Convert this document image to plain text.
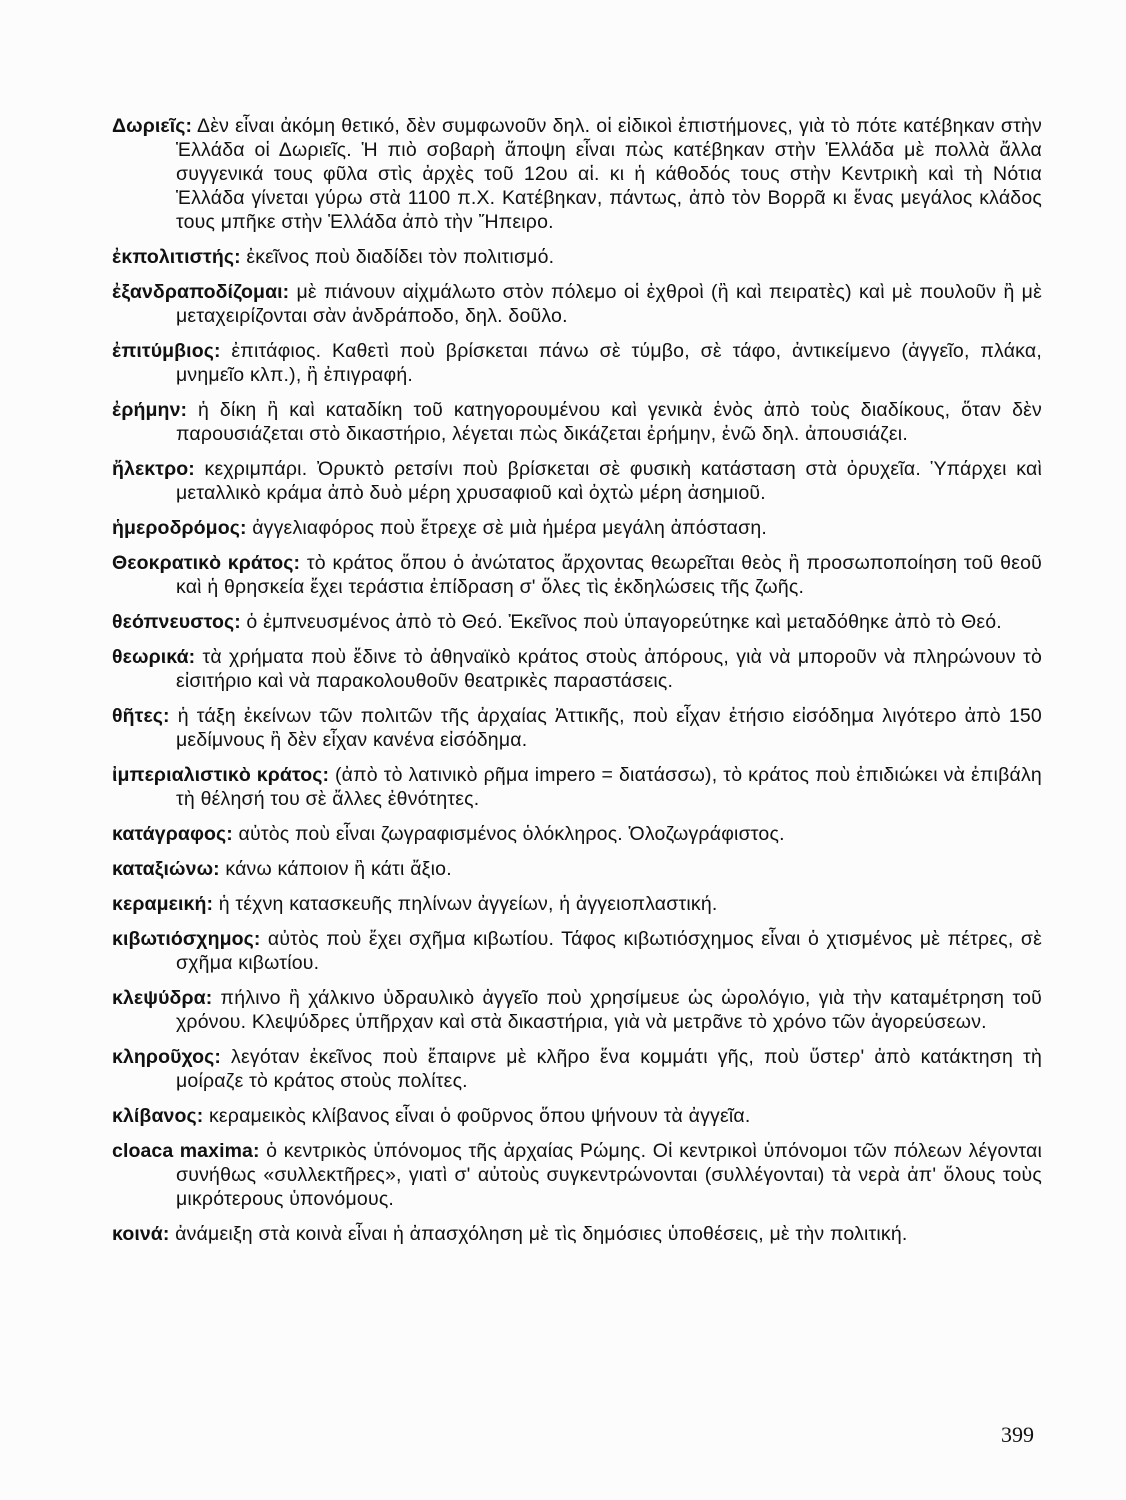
Δωριεῖς: Δὲν εἶναι ἀκόμη θετικό, δὲν συμφωνοῦν δηλ. οἱ εἰδικοὶ ἐπιστήμονες, γιὰ τὸ πότε κατέβηκαν στὴν Ἑλλάδα οἱ Δωριεῖς. Ἡ πιὸ σοβαρὴ ἄποψη εἶναι πὼς κατέβηκαν στὴν Ἑλλάδα μὲ πολλὰ ἄλλα συγγενικά τους φῦλα στὶς ἀρχὲς τοῦ 12ου αἱ. κι ἡ κάθοδός τους στὴν Κεντρικὴ καὶ τὴ Νότια Ἑλλάδα γίνεται γύρω στὰ 1100 π.Χ. Κατέβηκαν, πάντως, ἀπὸ τὸν Βορρᾶ κι ἕνας μεγάλος κλάδος τους μπῆκε στὴν Ἑλλάδα ἀπὸ τὴν Ἤπειρο.

ἐκπολιτιστής: ἐκεῖνος ποὺ διαδίδει τὸν πολιτισμό.

ἐξανδραποδίζομαι: μὲ πιάνουν αἰχμάλωτο στὸν πόλεμο οἱ ἐχθροὶ (ἢ καὶ πειρατὲς) καὶ μὲ πουλοῦν ἢ μὲ μεταχειρίζονται σὰν ἀνδράποδο, δηλ. δοῦλο.

ἐπιτύμβιος: ἐπιτάφιος. Καθετὶ ποὺ βρίσκεται πάνω σὲ τύμβο, σὲ τάφο, ἀντικείμενο (ἀγγεῖο, πλάκα, μνημεῖο κλπ.), ἢ ἐπιγραφή.

ἐρήμην: ἡ δίκη ἢ καὶ καταδίκη τοῦ κατηγορουμένου καὶ γενικὰ ἑνὸς ἀπὸ τοὺς διαδίκους, ὅταν δὲν παρουσιάζεται στὸ δικαστήριο, λέγεται πὼς δικάζεται ἐρήμην, ἐνῶ δηλ. ἀπουσιάζει.

ἤλεκτρο: κεχριμπάρι. Ὀρυκτὸ ρετσίνι ποὺ βρίσκεται σὲ φυσικὴ κατάσταση στὰ ὀρυχεῖα. Ὑπάρχει καὶ μεταλλικὸ κράμα ἀπὸ δυὸ μέρη χρυσαφιοῦ καὶ ὀχτὼ μέρη ἀσημιοῦ.

ἡμεροδρόμος: ἀγγελιαφόρος ποὺ ἔτρεχε σὲ μιὰ ἡμέρα μεγάλη ἀπόσταση.

Θεοκρατικὸ κράτος: τὸ κράτος ὅπου ὁ ἀνώτατος ἄρχοντας θεωρεῖται θεὸς ἢ προσωποποίηση τοῦ θεοῦ καὶ ἡ θρησκεία ἔχει τεράστια ἐπίδραση σ' ὅλες τὶς ἐκδηλώσεις τῆς ζωῆς.

θεόπνευστος: ὁ ἐμπνευσμένος ἀπὸ τὸ Θεό. Ἐκεῖνος ποὺ ὑπαγορεύτηκε καὶ μεταδόθηκε ἀπὸ τὸ Θεό.

θεωρικά: τὰ χρήματα ποὺ ἔδινε τὸ ἀθηναϊκὸ κράτος στοὺς ἀπόρους, γιὰ νὰ μποροῦν νὰ πληρώνουν τὸ εἰσιτήριο καὶ νὰ παρακολουθοῦν θεατρικὲς παραστάσεις.

θῆτες: ἡ τάξη ἐκείνων τῶν πολιτῶν τῆς ἀρχαίας Ἀττικῆς, ποὺ εἶχαν ἐτήσιο εἰσόδημα λιγότερο ἀπὸ 150 μεδίμνους ἢ δὲν εἶχαν κανένα εἰσόδημα.

ἰμπεριαλιστικὸ κράτος: (ἀπὸ τὸ λατινικὸ ρῆμα impero = διατάσσω), τὸ κράτος ποὺ ἐπιδιώκει νὰ ἐπιβάλη τὴ θέλησή του σὲ ἄλλες ἐθνότητες.

κατάγραφος: αὐτὸς ποὺ εἶναι ζωγραφισμένος ὁλόκληρος. Ὁλοζωγράφιστος.

καταξιώνω: κάνω κάποιον ἢ κάτι ἄξιο.

κεραμεική: ἡ τέχνη κατασκευῆς πηλίνων ἀγγείων, ἡ ἀγγειοπλαστική.

κιβωτιόσχημος: αὐτὸς ποὺ ἔχει σχῆμα κιβωτίου. Τάφος κιβωτιόσχημος εἶναι ὁ χτισμένος μὲ πέτρες, σὲ σχῆμα κιβωτίου.

κλεψύδρα: πήλινο ἢ χάλκινο ὑδραυλικὸ ἀγγεῖο ποὺ χρησίμευε ὡς ὡρολόγιο, γιὰ τὴν καταμέτρηση τοῦ χρόνου. Κλεψύδρες ὑπῆρχαν καὶ στὰ δικαστήρια, γιὰ νὰ μετρᾶνε τὸ χρόνο τῶν ἀγορεύσεων.

κληροῦχος: λεγόταν ἐκεῖνος ποὺ ἔπαιρνε μὲ κλῆρο ἕνα κομμάτι γῆς, ποὺ ὕστερ' ἀπὸ κατάκτηση τὴ μοίραζε τὸ κράτος στοὺς πολίτες.

κλίβανος: κεραμεικὸς κλίβανος εἶναι ὁ φοῦρνος ὅπου ψήνουν τὰ ἀγγεῖα.

cloaca maxima: ὁ κεντρικὸς ὑπόνομος τῆς ἀρχαίας Ρώμης. Οἱ κεντρικοὶ ὑπόνομοι τῶν πόλεων λέγονται συνήθως «συλλεκτῆρες», γιατὶ σ' αὐτοὺς συγκεντρώνονται (συλλέγονται) τὰ νερὰ ἀπ' ὅλους τοὺς μικρότερους ὑπονόμους.

κοινά: ἀνάμειξη στὰ κοινὰ εἶναι ἡ ἀπασχόληση μὲ τὶς δημόσιες ὑποθέσεις, μὲ τὴν πολιτική.

399
